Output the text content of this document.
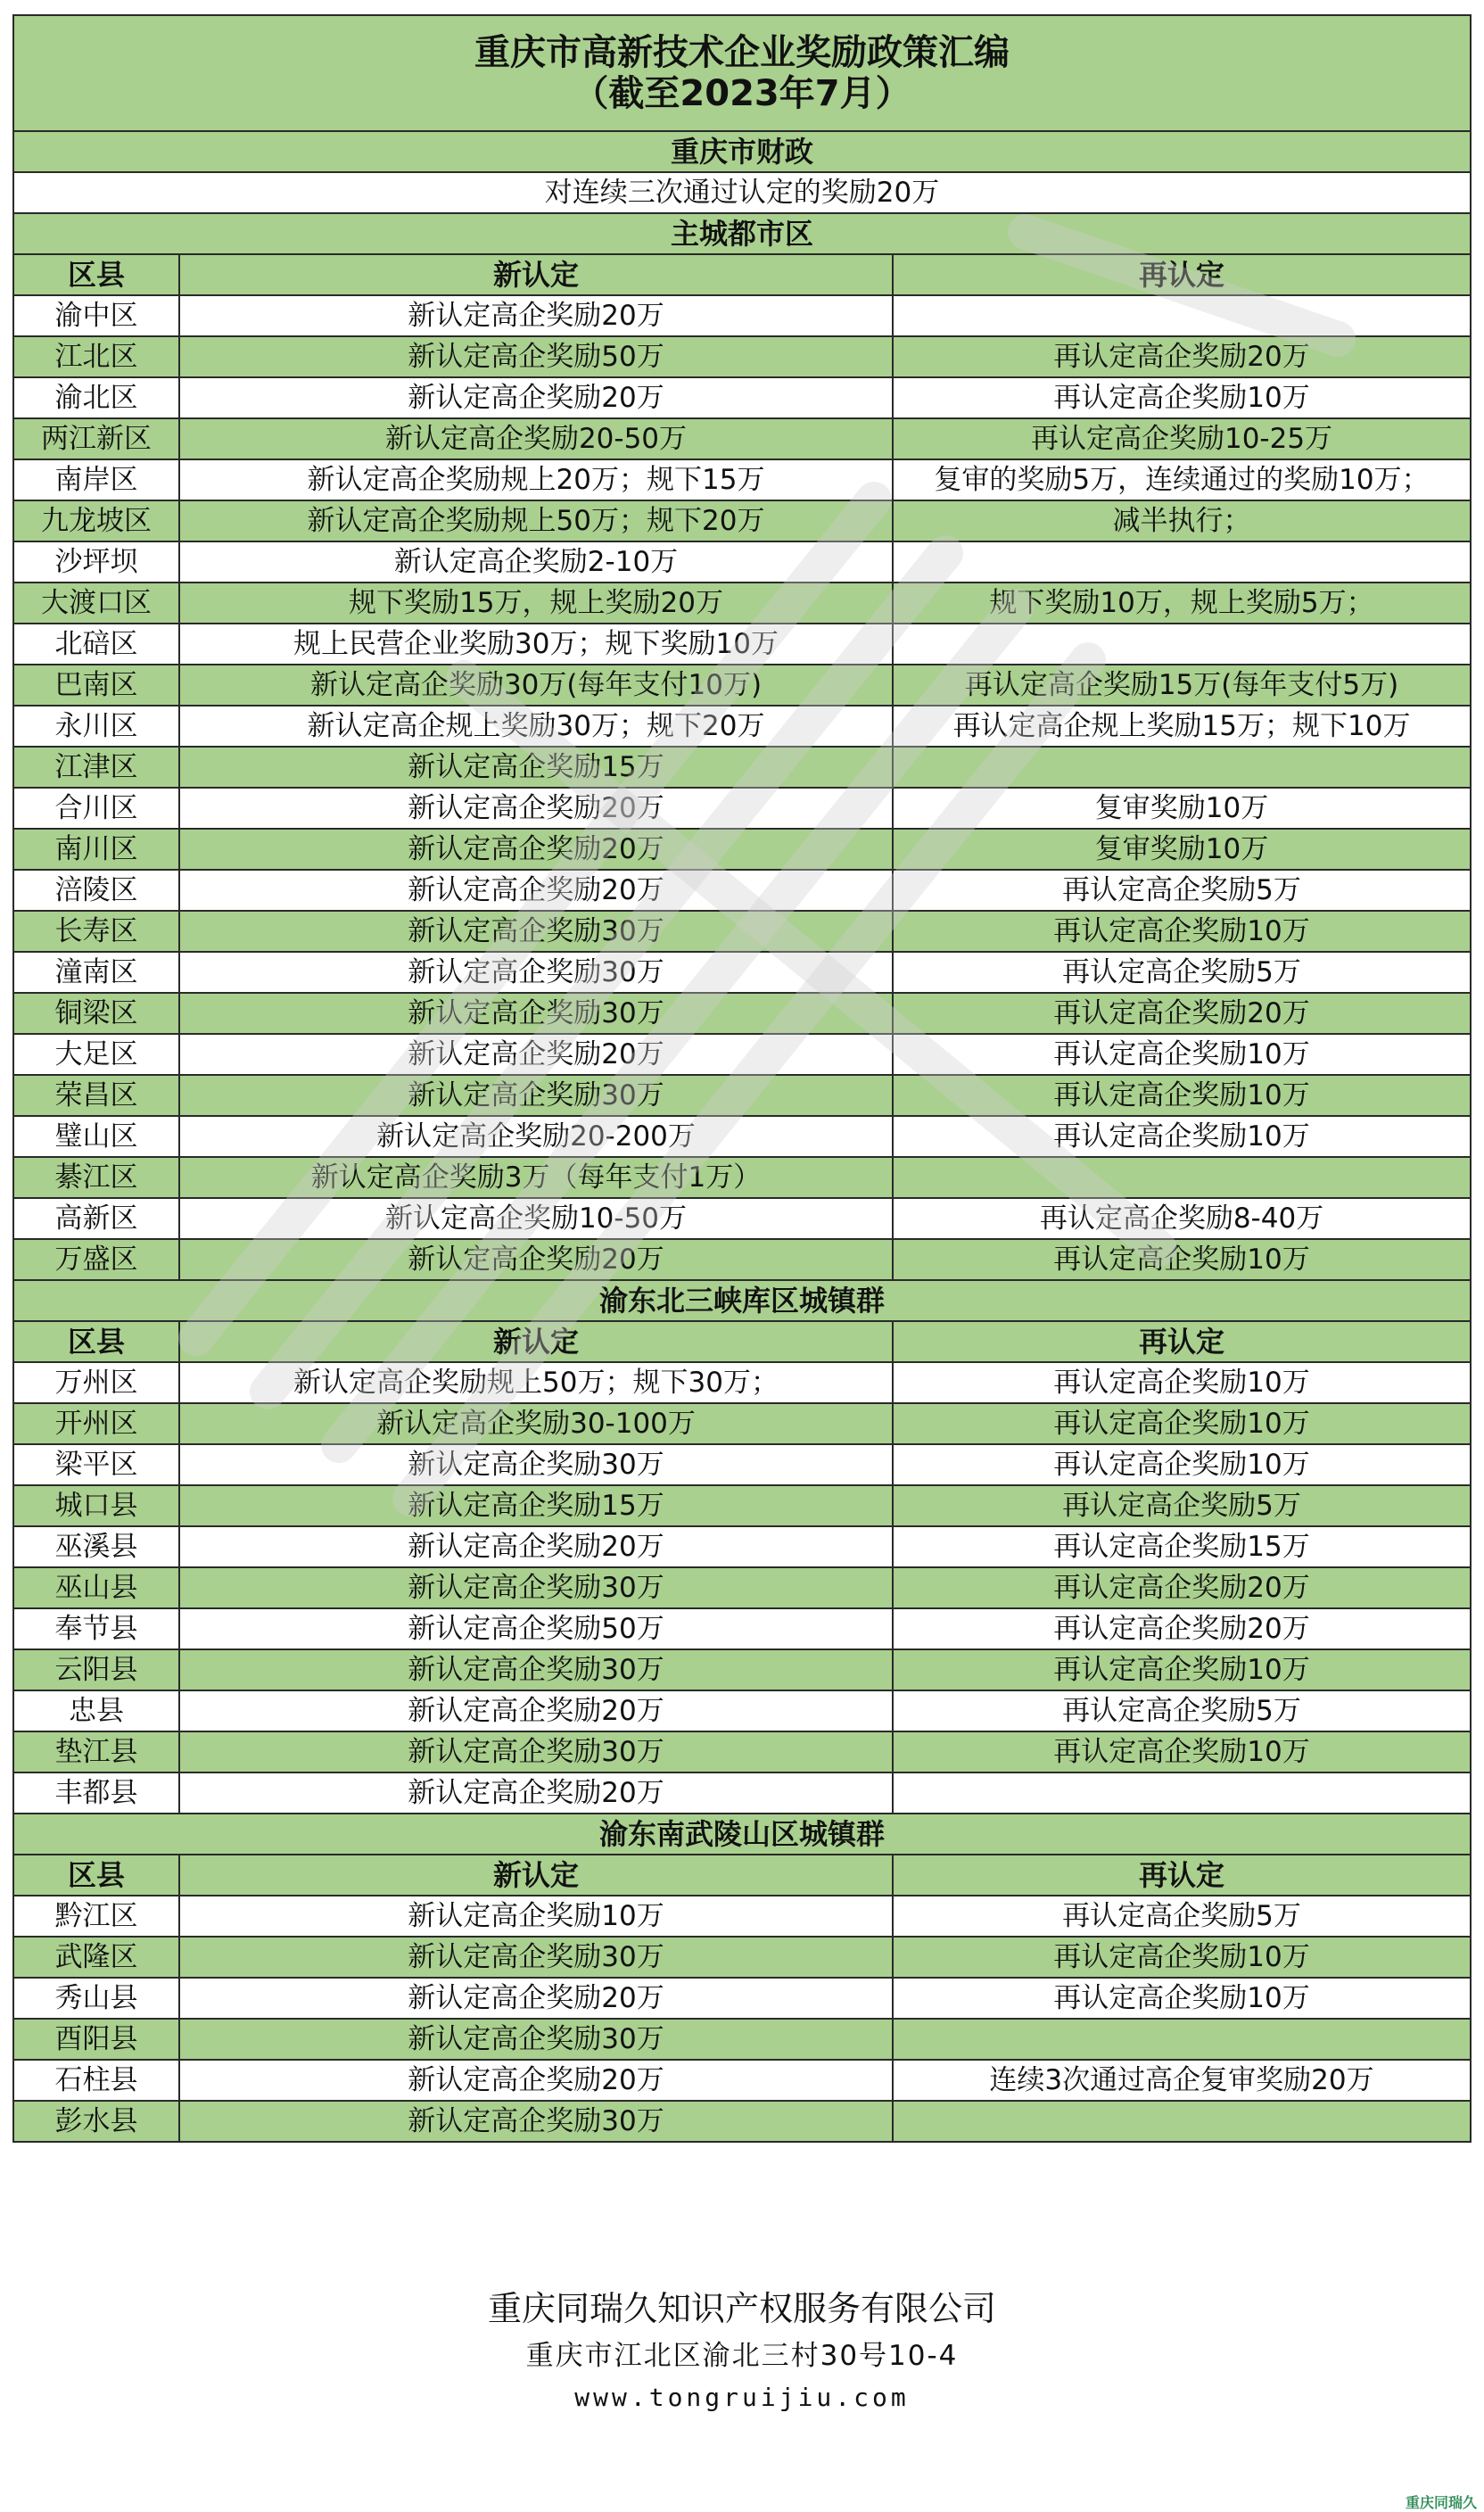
重庆市高新技术企业奖励政策汇编
（截至2023年7月）		

重庆市财政		
对连续三次通过认定的奖励20万		
主城都市区		
区县	新认定	再认定
渝中区	新认定高企奖励20万	
江北区	新认定高企奖励50万	再认定高企奖励20万
渝北区	新认定高企奖励20万	再认定高企奖励10万
两江新区	新认定高企奖励20-50万	再认定高企奖励10-25万
南岸区	新认定高企奖励规上20万；规下15万	复审的奖励5万，连续通过的奖励10万；
九龙坡区	新认定高企奖励规上50万；规下20万	减半执行；
沙坪坝	新认定高企奖励2-10万	
大渡口区	规下奖励15万，规上奖励20万	规下奖励10万，规上奖励5万；
北碚区	规上民营企业奖励30万；规下奖励10万	
巴南区	新认定高企奖励30万(每年支付10万)	再认定高企奖励15万(每年支付5万)
永川区	新认定高企规上奖励30万；规下20万	再认定高企规上奖励15万；规下10万
江津区	新认定高企奖励15万	
合川区	新认定高企奖励20万	复审奖励10万
南川区	新认定高企奖励20万	复审奖励10万
涪陵区	新认定高企奖励20万	再认定高企奖励5万
长寿区	新认定高企奖励30万	再认定高企奖励10万
潼南区	新认定高企奖励30万	再认定高企奖励5万
铜梁区	新认定高企奖励30万	再认定高企奖励20万
大足区	新认定高企奖励20万	再认定高企奖励10万
荣昌区	新认定高企奖励30万	再认定高企奖励10万
璧山区	新认定高企奖励20-200万	再认定高企奖励10万
綦江区	新认定高企奖励3万（每年支付1万）	
高新区	新认定高企奖励10-50万	再认定高企奖励8-40万
万盛区	新认定高企奖励20万	再认定高企奖励10万
渝东北三峡库区城镇群		
区县	新认定	再认定
万州区	新认定高企奖励规上50万；规下30万；	再认定高企奖励10万
开州区	新认定高企奖励30-100万	再认定高企奖励10万
梁平区	新认定高企奖励30万	再认定高企奖励10万
城口县	新认定高企奖励15万	再认定高企奖励5万
巫溪县	新认定高企奖励20万	再认定高企奖励15万
巫山县	新认定高企奖励30万	再认定高企奖励20万
奉节县	新认定高企奖励50万	再认定高企奖励20万
云阳县	新认定高企奖励30万	再认定高企奖励10万
忠县	新认定高企奖励20万	再认定高企奖励5万
垫江县	新认定高企奖励30万	再认定高企奖励10万
丰都县	新认定高企奖励20万	
渝东南武陵山区城镇群		
区县	新认定	再认定
黔江区	新认定高企奖励10万	再认定高企奖励5万
武隆区	新认定高企奖励30万	再认定高企奖励10万
秀山县	新认定高企奖励20万	再认定高企奖励10万
酉阳县	新认定高企奖励30万	
石柱县	新认定高企奖励20万	连续3次通过高企复审奖励20万
彭水县	新认定高企奖励30万	
重庆同瑞久知识产权服务有限公司
重庆市江北区渝北三村30号10-4
www.tongruijiu.com
重庆同瑞久
